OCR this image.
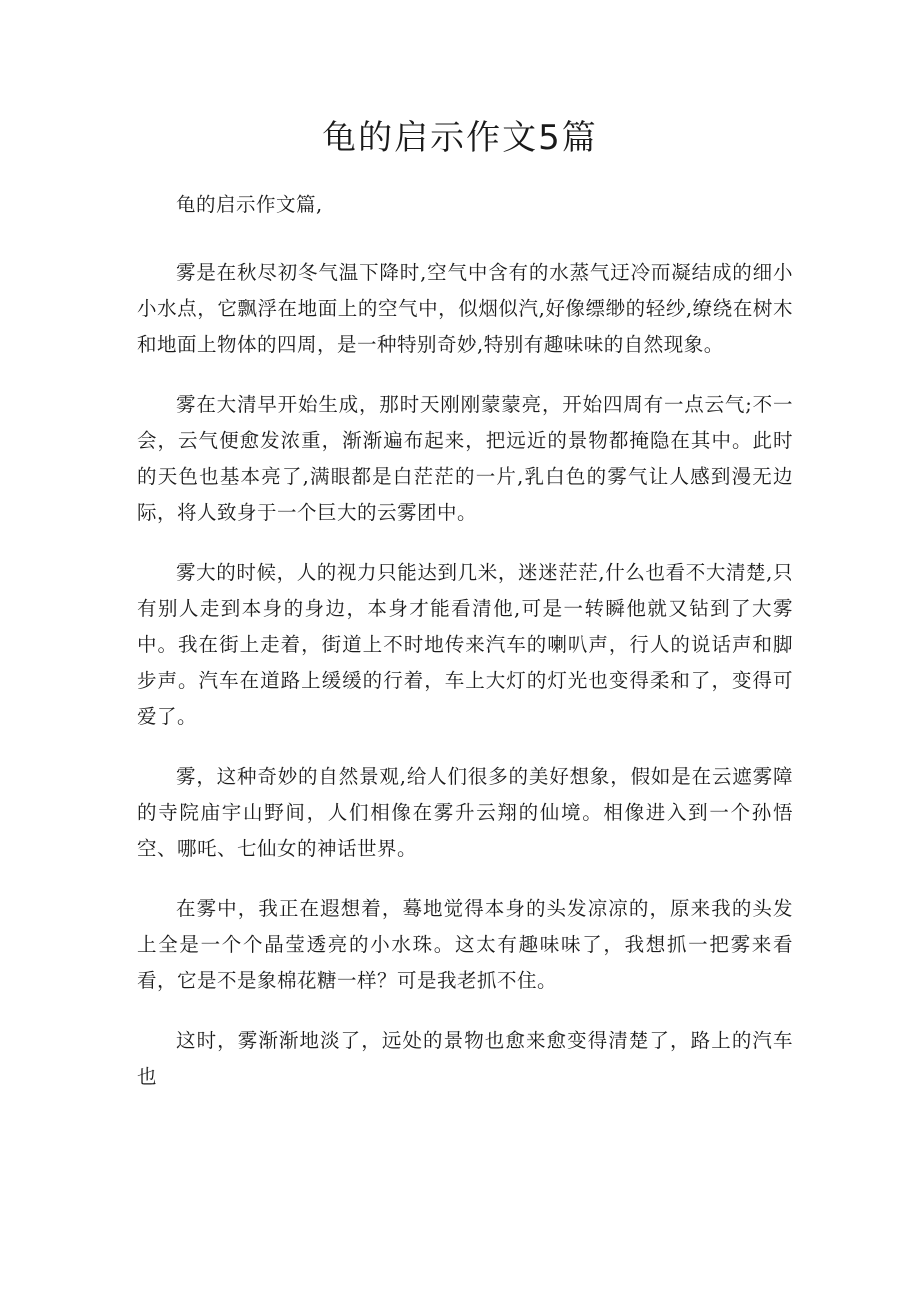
龟的启示作文5篇

龟的启示作文篇,

雾是在秋尽初冬气温下降时,空气中含有的水蒸气迂冷而凝结成的细小小水点，它飘浮在地面上的空气中，似烟似汽,好像缥缈的轻纱,缭绕在树木和地面上物体的四周，是一种特别奇妙,特别有趣味味的自然现象。

雾在大清早开始生成，那时天刚刚蒙蒙亮，开始四周有一点云气;不一会，云气便愈发浓重，渐渐遍布起来，把远近的景物都掩隐在其中。此时的天色也基本亮了,满眼都是白茫茫的一片,乳白色的雾气让人感到漫无边际，将人致身于一个巨大的云雾团中。

雾大的时候，人的视力只能达到几米，迷迷茫茫,什么也看不大清楚,只有别人走到本身的身边，本身才能看清他,可是一转瞬他就又钻到了大雾中。我在街上走着，街道上不时地传来汽车的喇叭声，行人的说话声和脚步声。汽车在道路上缓缓的行着，车上大灯的灯光也变得柔和了，变得可爱了。

雾，这种奇妙的自然景观,给人们很多的美好想象，假如是在云遮雾障的寺院庙宇山野间，人们相像在雾升云翔的仙境。相像进入到一个孙悟空、哪吒、七仙女的神话世界。

在雾中，我正在遐想着，蓦地觉得本身的头发凉凉的，原来我的头发上全是一个个晶莹透亮的小水珠。这太有趣味味了，我想抓一把雾来看看，它是不是象棉花糖一样？可是我老抓不住。

这时，雾渐渐地淡了，远处的景物也愈来愈变得清楚了，路上的汽车也
